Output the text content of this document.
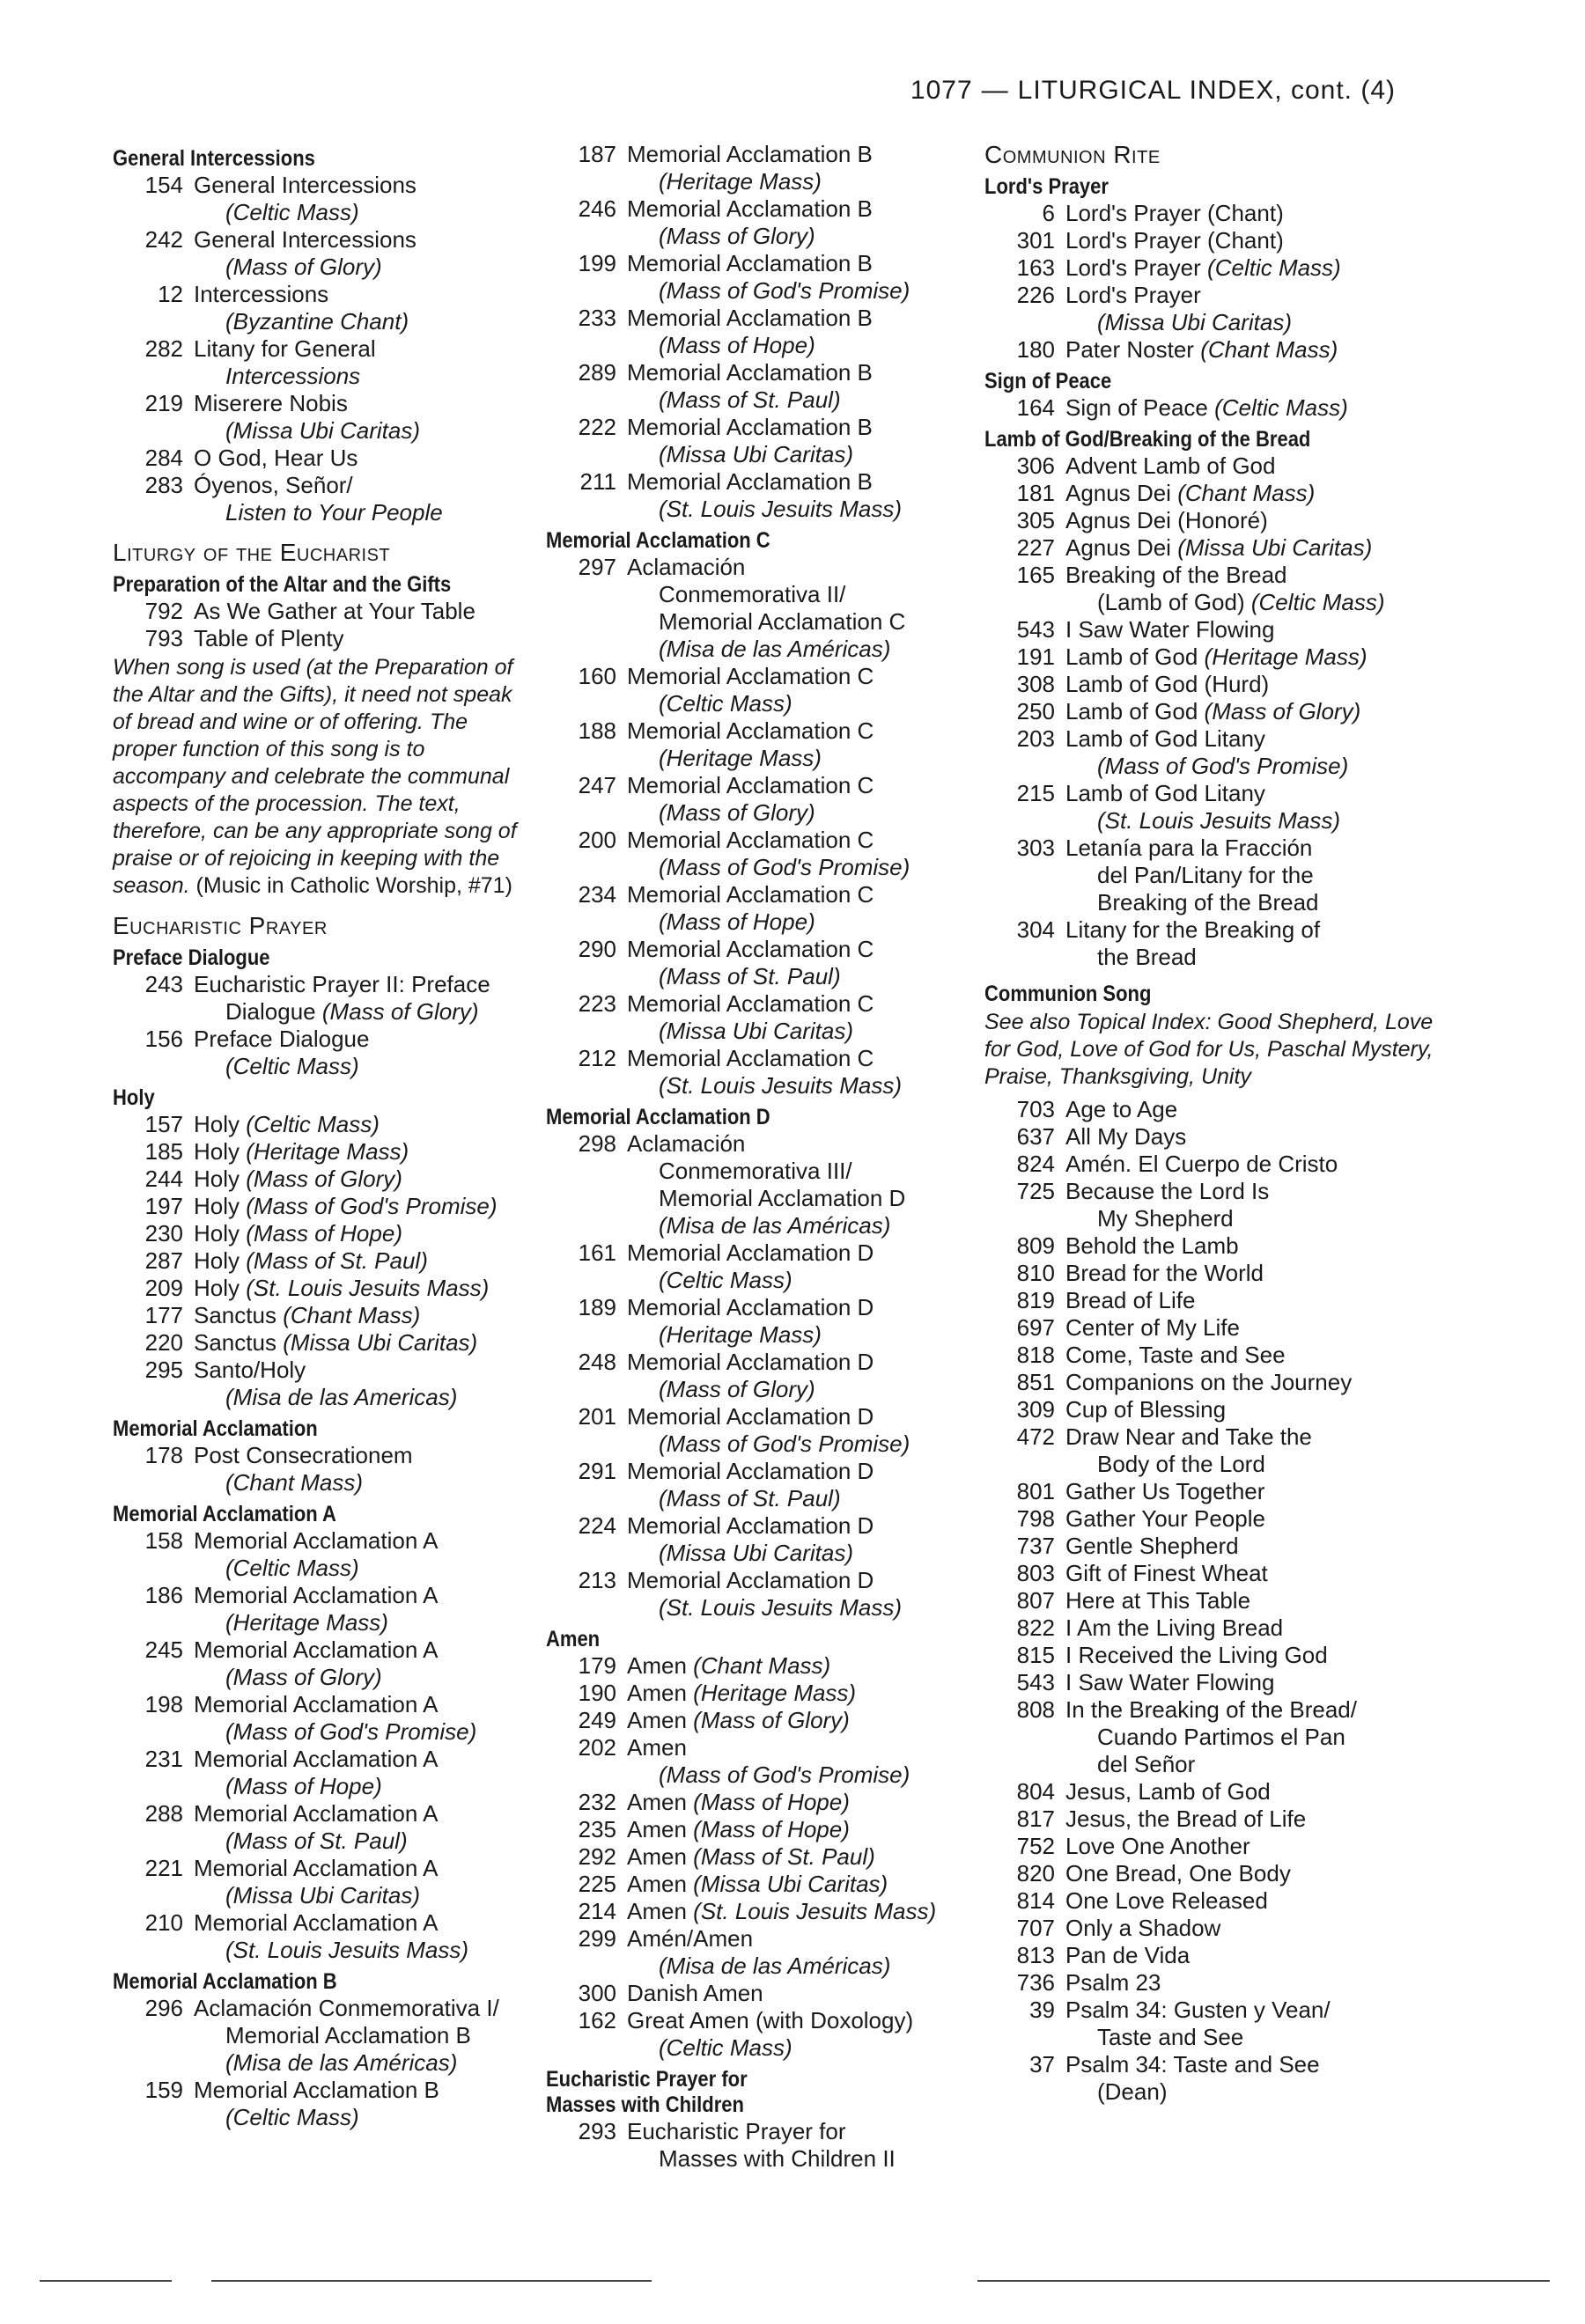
1077 — LITURGICAL INDEX, cont. (4)
General Intercessions
154 General Intercessions
(Celtic Mass)
242 General Intercessions
(Mass of Glory)
12 Intercessions
(Byzantine Chant)
282 Litany for General
Intercessions
219 Miserere Nobis
(Missa Ubi Caritas)
284 O God, Hear Us
283 Óyenos, Señor/
Listen to Your People
Liturgy of the Eucharist
Preparation of the Altar and the Gifts
792 As We Gather at Your Table
793 Table of Plenty
When song is used (at the Preparation of the Altar and the Gifts), it need not speak of bread and wine or of offering. The proper function of this song is to accompany and celebrate the communal aspects of the procession. The text, therefore, can be any appropriate song of praise or of rejoicing in keeping with the season. (Music in Catholic Worship, #71)
Eucharistic Prayer
Preface Dialogue
243 Eucharistic Prayer II: Preface
Dialogue (Mass of Glory)
156 Preface Dialogue
(Celtic Mass)
Holy
157 Holy (Celtic Mass)
185 Holy (Heritage Mass)
244 Holy (Mass of Glory)
197 Holy (Mass of God's Promise)
230 Holy (Mass of Hope)
287 Holy (Mass of St. Paul)
209 Holy (St. Louis Jesuits Mass)
177 Sanctus (Chant Mass)
220 Sanctus (Missa Ubi Caritas)
295 Santo/Holy
(Misa de las Americas)
Memorial Acclamation
178 Post Consecrationem
(Chant Mass)
Memorial Acclamation A
158 Memorial Acclamation A
(Celtic Mass)
186 Memorial Acclamation A
(Heritage Mass)
245 Memorial Acclamation A
(Mass of Glory)
198 Memorial Acclamation A
(Mass of God's Promise)
231 Memorial Acclamation A
(Mass of Hope)
288 Memorial Acclamation A
(Mass of St. Paul)
221 Memorial Acclamation A
(Missa Ubi Caritas)
210 Memorial Acclamation A
(St. Louis Jesuits Mass)
Memorial Acclamation B
296 Aclamación Conmemorativa I/
Memorial Acclamation B
(Misa de las Américas)
159 Memorial Acclamation B
(Celtic Mass)
187 Memorial Acclamation B
(Heritage Mass)
246 Memorial Acclamation B
(Mass of Glory)
199 Memorial Acclamation B
(Mass of God's Promise)
233 Memorial Acclamation B
(Mass of Hope)
289 Memorial Acclamation B
(Mass of St. Paul)
222 Memorial Acclamation B
(Missa Ubi Caritas)
211 Memorial Acclamation B
(St. Louis Jesuits Mass)
Memorial Acclamation C
297 Aclamación
Conmemorativa II/
Memorial Acclamation C
(Misa de las Américas)
160 Memorial Acclamation C
(Celtic Mass)
188 Memorial Acclamation C
(Heritage Mass)
247 Memorial Acclamation C
(Mass of Glory)
200 Memorial Acclamation C
(Mass of God's Promise)
234 Memorial Acclamation C
(Mass of Hope)
290 Memorial Acclamation C
(Mass of St. Paul)
223 Memorial Acclamation C
(Missa Ubi Caritas)
212 Memorial Acclamation C
(St. Louis Jesuits Mass)
Memorial Acclamation D
298 Aclamación
Conmemorativa III/
Memorial Acclamation D
(Misa de las Américas)
161 Memorial Acclamation D
(Celtic Mass)
189 Memorial Acclamation D
(Heritage Mass)
248 Memorial Acclamation D
(Mass of Glory)
201 Memorial Acclamation D
(Mass of God's Promise)
291 Memorial Acclamation D
(Mass of St. Paul)
224 Memorial Acclamation D
(Missa Ubi Caritas)
213 Memorial Acclamation D
(St. Louis Jesuits Mass)
Amen
179 Amen (Chant Mass)
190 Amen (Heritage Mass)
249 Amen (Mass of Glory)
202 Amen
(Mass of God's Promise)
232 Amen (Mass of Hope)
235 Amen (Mass of Hope)
292 Amen (Mass of St. Paul)
225 Amen (Missa Ubi Caritas)
214 Amen (St. Louis Jesuits Mass)
299 Amén/Amen
(Misa de las Américas)
300 Danish Amen
162 Great Amen (with Doxology)
(Celtic Mass)
Eucharistic Prayer for
Masses with Children
293 Eucharistic Prayer for
Masses with Children II
Communion Rite
Lord's Prayer
6 Lord's Prayer (Chant)
301 Lord's Prayer (Chant)
163 Lord's Prayer (Celtic Mass)
226 Lord's Prayer
(Missa Ubi Caritas)
180 Pater Noster (Chant Mass)
Sign of Peace
164 Sign of Peace (Celtic Mass)
Lamb of God/Breaking of the Bread
306 Advent Lamb of God
181 Agnus Dei (Chant Mass)
305 Agnus Dei (Honoré)
227 Agnus Dei (Missa Ubi Caritas)
165 Breaking of the Bread
(Lamb of God) (Celtic Mass)
543 I Saw Water Flowing
191 Lamb of God (Heritage Mass)
308 Lamb of God (Hurd)
250 Lamb of God (Mass of Glory)
203 Lamb of God Litany
(Mass of God's Promise)
215 Lamb of God Litany
(St. Louis Jesuits Mass)
303 Letanía para la Fracción
del Pan/Litany for the
Breaking of the Bread
304 Litany for the Breaking of
the Bread
Communion Song
See also Topical Index: Good Shepherd, Love for God, Love of God for Us, Paschal Mystery, Praise, Thanksgiving, Unity
703 Age to Age
637 All My Days
824 Amén. El Cuerpo de Cristo
725 Because the Lord Is
My Shepherd
809 Behold the Lamb
810 Bread for the World
819 Bread of Life
697 Center of My Life
818 Come, Taste and See
851 Companions on the Journey
309 Cup of Blessing
472 Draw Near and Take the
Body of the Lord
801 Gather Us Together
798 Gather Your People
737 Gentle Shepherd
803 Gift of Finest Wheat
807 Here at This Table
822 I Am the Living Bread
815 I Received the Living God
543 I Saw Water Flowing
808 In the Breaking of the Bread/
Cuando Partimos el Pan
del Señor
804 Jesus, Lamb of God
817 Jesus, the Bread of Life
752 Love One Another
820 One Bread, One Body
814 One Love Released
707 Only a Shadow
813 Pan de Vida
736 Psalm 23
39 Psalm 34: Gusten y Vean/
Taste and See
37 Psalm 34: Taste and See
(Dean)
